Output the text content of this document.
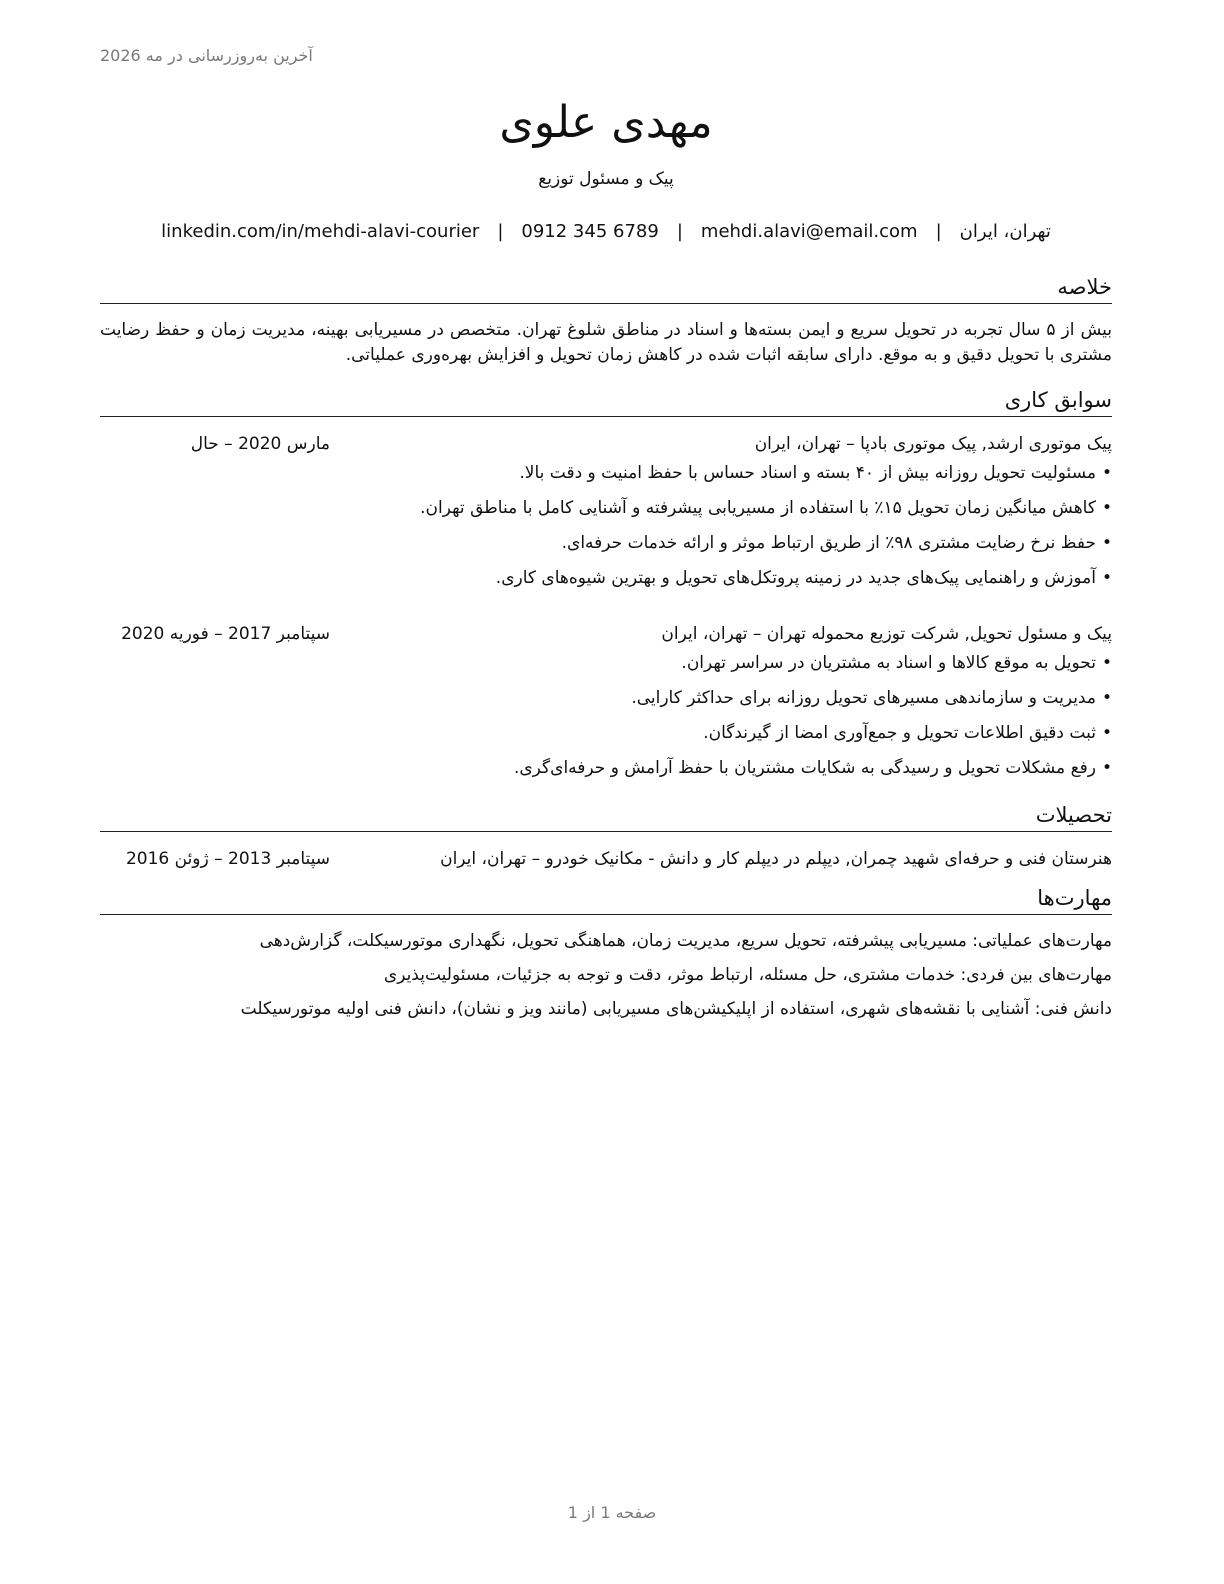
آخرین به‌روزرسانی در مه 2026
مهدی علوی
پیک و مسئول توزیع
تهران، ایران
|
mehdi.alavi@email.com
|
0912 345 6789
|
linkedin.com/in/mehdi-alavi-courier
خلاصه
بیش از ۵ سال تجربه در تحویل سریع و ایمن بسته‌ها و اسناد در مناطق شلوغ تهران. متخصص در مسیریابی بهینه، مدیریت زمان و حفظ رضایت مشتری با تحویل دقیق و به موقع. دارای سابقه اثبات شده در کاهش زمان تحویل و افزایش بهره‌وری عملیاتی.
سوابق کاری
پیک موتوری ارشد, پیک موتوری بادپا – تهران، ایران
مارس 2020 – حال
•مسئولیت تحویل روزانه بیش از ۴۰ بسته و اسناد حساس با حفظ امنیت و دقت بالا.
•کاهش میانگین زمان تحویل ۱۵٪ با استفاده از مسیریابی پیشرفته و آشنایی کامل با مناطق تهران.
•حفظ نرخ رضایت مشتری ۹۸٪ از طریق ارتباط موثر و ارائه خدمات حرفه‌ای.
•آموزش و راهنمایی پیک‌های جدید در زمینه پروتکل‌های تحویل و بهترین شیوه‌های کاری.
پیک و مسئول تحویل, شرکت توزیع محموله تهران – تهران، ایران
سپتامبر 2017 – فوریه 2020
•تحویل به موقع کالاها و اسناد به مشتریان در سراسر تهران.
•مدیریت و سازماندهی مسیرهای تحویل روزانه برای حداکثر کارایی.
•ثبت دقیق اطلاعات تحویل و جمع‌آوری امضا از گیرندگان.
•رفع مشکلات تحویل و رسیدگی به شکایات مشتریان با حفظ آرامش و حرفه‌ای‌گری.
تحصیلات
هنرستان فنی و حرفه‌ای شهید چمران, دیپلم در دیپلم کار و دانش - مکانیک خودرو – تهران، ایران
سپتامبر 2013 – ژوئن 2016
مهارت‌ها
مهارت‌های عملیاتی: مسیریابی پیشرفته، تحویل سریع، مدیریت زمان، هماهنگی تحویل، نگهداری موتورسیکلت، گزارش‌دهی
مهارت‌های بین فردی: خدمات مشتری، حل مسئله، ارتباط موثر، دقت و توجه به جزئیات، مسئولیت‌پذیری
دانش فنی: آشنایی با نقشه‌های شهری، استفاده از اپلیکیشن‌های مسیریابی (مانند ویز و نشان)، دانش فنی اولیه موتورسیکلت
صفحه 1 از 1
